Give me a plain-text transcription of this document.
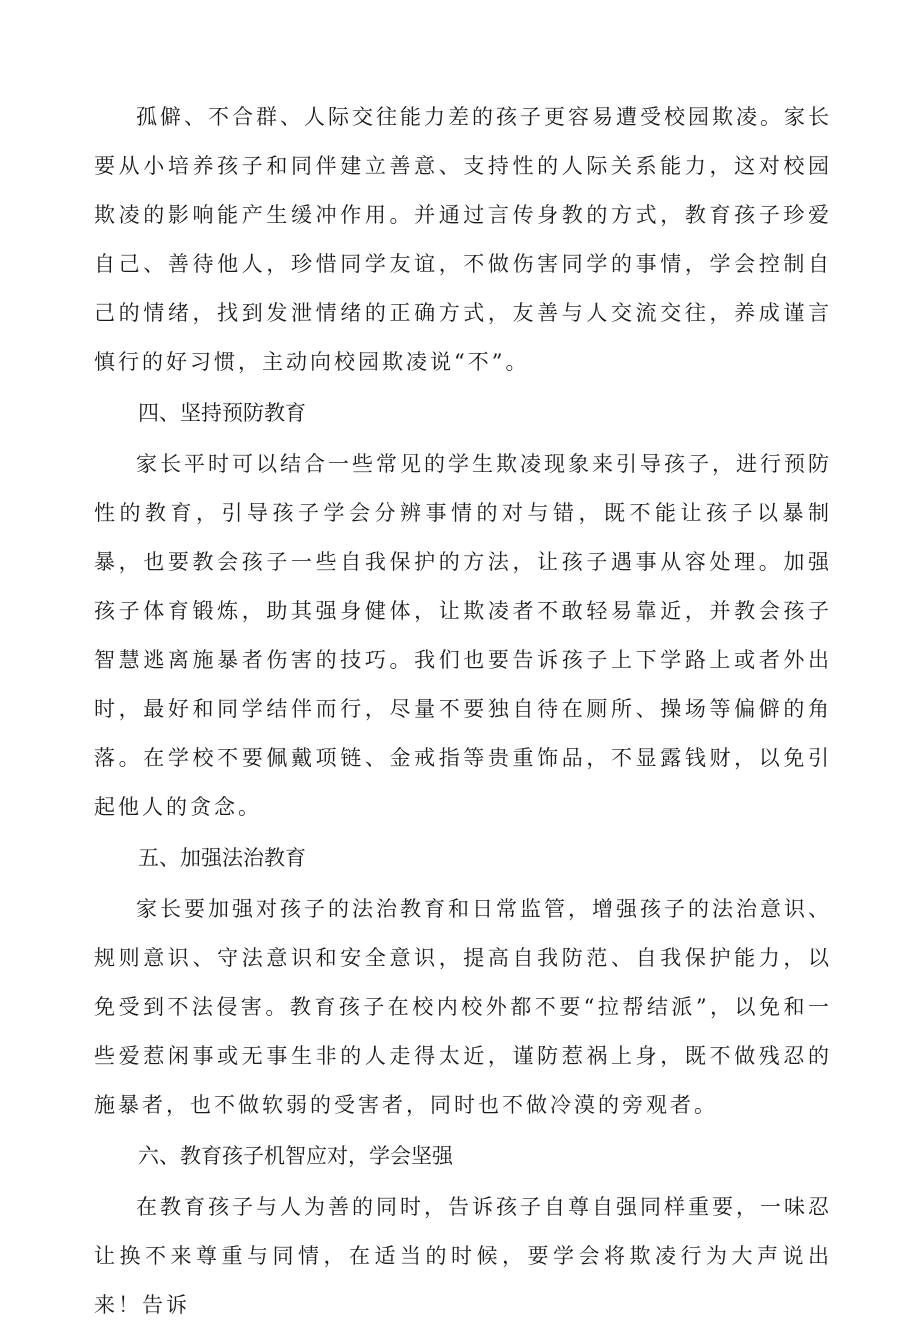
孤僻、不合群、人际交往能力差的孩子更容易遭受校园欺凌。家长要从小培养孩子和同伴建立善意、支持性的人际关系能力，这对校园欺凌的影响能产生缓冲作用。并通过言传身教的方式，教育孩子珍爱自己、善待他人，珍惜同学友谊，不做伤害同学的事情，学会控制自己的情绪，找到发泄情绪的正确方式，友善与人交流交往，养成谨言慎行的好习惯，主动向校园欺凌说“不”。

四、坚持预防教育

家长平时可以结合一些常见的学生欺凌现象来引导孩子，进行预防性的教育，引导孩子学会分辨事情的对与错，既不能让孩子以暴制暴，也要教会孩子一些自我保护的方法，让孩子遇事从容处理。加强孩子体育锻炼，助其强身健体，让欺凌者不敢轻易靠近，并教会孩子智慧逃离施暴者伤害的技巧。我们也要告诉孩子上下学路上或者外出时，最好和同学结伴而行，尽量不要独自待在厕所、操场等偏僻的角落。在学校不要佩戴项链、金戒指等贵重饰品，不显露钱财，以免引起他人的贪念。

五、加强法治教育

家长要加强对孩子的法治教育和日常监管，增强孩子的法治意识、规则意识、守法意识和安全意识，提高自我防范、自我保护能力，以免受到不法侵害。教育孩子在校内校外都不要“拉帮结派”，以免和一些爱惹闲事或无事生非的人走得太近，谨防惹祸上身，既不做残忍的施暴者，也不做软弱的受害者，同时也不做冷漠的旁观者。

六、教育孩子机智应对，学会坚强

在教育孩子与人为善的同时，告诉孩子自尊自强同样重要，一味忍让换不来尊重与同情，在适当的时候，要学会将欺凌行为大声说出来！告诉
